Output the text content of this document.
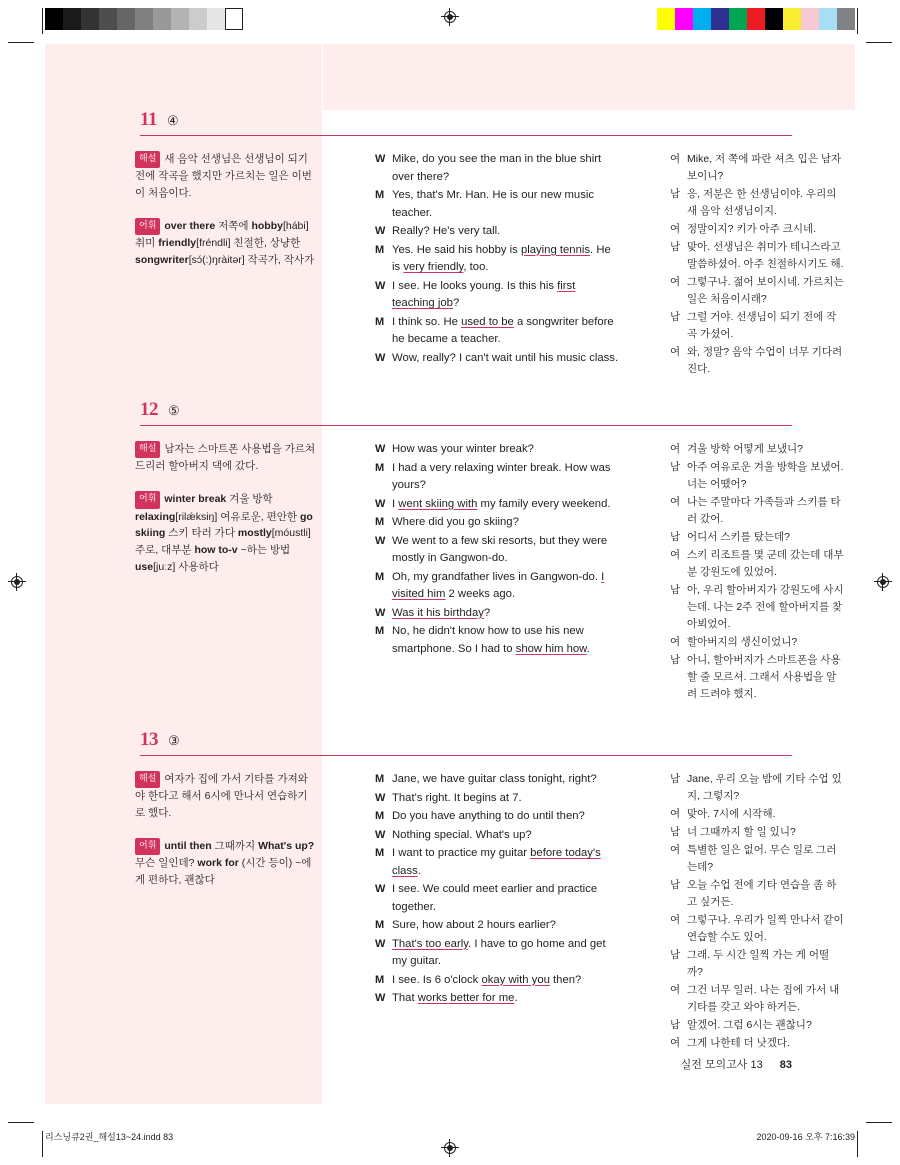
11 ④
해설 새 음악 선생님은 선생님이 되기 전에 작곡을 했지만 가르치는 일은 이번이 처음이다.
어휘 over there 저쪽에 hobby[hábi] 취미 friendly[fréndli] 친절한, 상냥한 songwriter[sɔ́(:)ŋràitər] 작곡가, 작사가
W Mike, do you see the man in the blue shirt over there?
M Yes, that's Mr. Han. He is our new music teacher.
W Really? He's very tall.
M Yes. He said his hobby is playing tennis. He is very friendly, too.
W I see. He looks young. Is this his first teaching job?
M I think so. He used to be a songwriter before he became a teacher.
W Wow, really? I can't wait until his music class.
여 Mike, 저 쪽에 파란 셔츠 입은 남자 보이니?
남 응, 저분은 한 선생님이야. 우리의 새 음악 선생님이지.
여 정말이지? 키가 아주 크시네.
남 맞아. 선생님은 취미가 테니스라고 말씀하셨어. 아주 친절하시기도 해.
여 그렇구나. 젊어 보이시네. 가르치는 일은 처음이시래?
남 그럴 거야. 선생님이 되기 전에 작곡 가셨어.
여 와, 정말? 음악 수업이 너무 기다려진다.
12 ⑤
해설 남자는 스마트폰 사용법을 가르쳐 드리러 할아버지 댁에 갔다.
어휘 winter break 겨울 방학 relaxing[rilǽksiŋ] 여유로운, 편안한 go skiing 스키 타러 가다 mostly[móustli] 주로, 대부분 how to-v ~하는 방법 use[juːz] 사용하다
W How was your winter break?
M I had a very relaxing winter break. How was yours?
W I went skiing with my family every weekend.
M Where did you go skiing?
W We went to a few ski resorts, but they were mostly in Gangwon-do.
M Oh, my grandfather lives in Gangwon-do. I visited him 2 weeks ago.
W Was it his birthday?
M No, he didn't know how to use his new smartphone. So I had to show him how.
여 겨울 방학 어떻게 보냈니?
남 아주 여유로운 겨울 방학을 보냈어. 너는 어땠어?
여 나는 주말마다 가족들과 스키를 타러 갔어.
남 어디서 스키를 탔는데?
여 스키 리조트를 몇 군데 갔는데 대부분 강원도에 있었어.
남 아, 우리 할아버지가 강원도에 사시는데. 나는 2주 전에 할아버지를 찾아뵈었어.
여 할아버지의 생신이었니?
남 아니, 할아버지가 스마트폰을 사용할 줄 모르셔. 그래서 사용법을 알려 드려야 했지.
13 ③
해설 여자가 집에 가서 기타를 가져와야 한다고 해서 6시에 만나서 연습하기로 했다.
어휘 until then 그때까지 What's up? 무슨 일인데? work for (시간 등이) ~에게 편하다, 괜찮다
M Jane, we have guitar class tonight, right?
W That's right. It begins at 7.
M Do you have anything to do until then?
W Nothing special. What's up?
M I want to practice my guitar before today's class.
W I see. We could meet earlier and practice together.
M Sure, how about 2 hours earlier?
W That's too early. I have to go home and get my guitar.
M I see. Is 6 o'clock okay with you then?
W That works better for me.
남 Jane, 우리 오늘 밤에 기타 수업 있지, 그렇지?
여 맞아. 7시에 시작해.
남 너 그때까지 할 일 있니?
여 특별한 일은 없어. 무슨 일로 그러는데?
남 오늘 수업 전에 기타 연습을 좀 하고 싶거든.
여 그렇구나. 우리가 일찍 만나서 같이 연습할 수도 있어.
남 그래. 두 시간 일찍 가는 게 어떨까?
여 그건 너무 일러. 나는 집에 가서 내 기타를 갖고 와야 하거든.
남 알겠어. 그럼 6시는 괜찮니?
여 그게 나한테 더 낫겠다.
실전 모의고사 13 83
리스닝큐2권_해설13~24.indd 83	2020-09-16 오후 7:16:39
